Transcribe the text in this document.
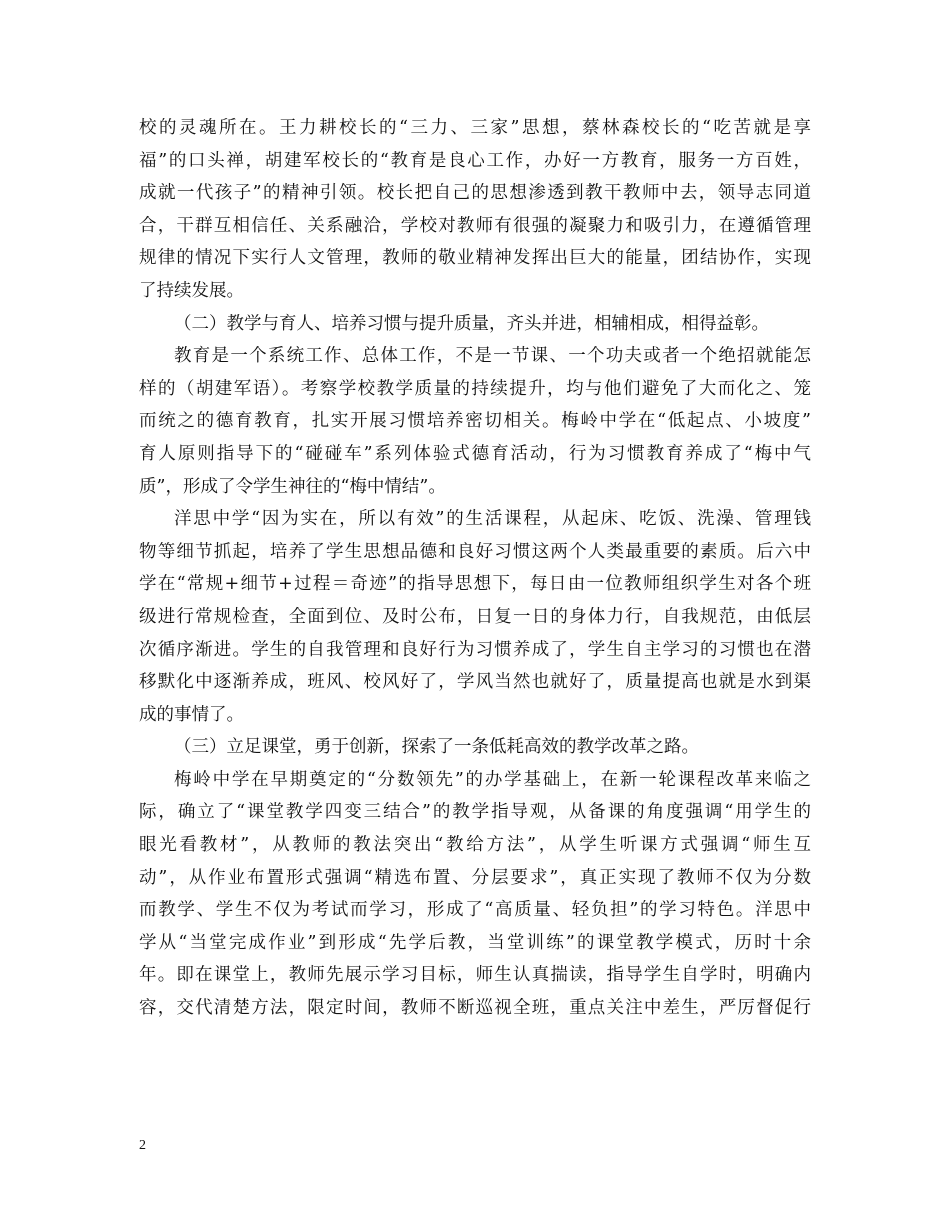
校的灵魂所在。王力耕校长的“三力、三家”思想，蔡林森校长的“吃苦就是享
福”的口头禅，胡建军校长的“教育是良心工作，办好一方教育，服务一方百姓，
成就一代孩子”的精神引领。校长把自己的思想渗透到教干教师中去，领导志同道
合，干群互相信任、关系融洽，学校对教师有很强的凝聚力和吸引力，在遵循管理
规律的情况下实行人文管理，教师的敬业精神发挥出巨大的能量，团结协作，实现
了持续发展。
（二）教学与育人、培养习惯与提升质量，齐头并进，相辅相成，相得益彰。
教育是一个系统工作、总体工作，不是一节课、一个功夫或者一个绝招就能怎
样的（胡建军语）。考察学校教学质量的持续提升，均与他们避免了大而化之、笼
而统之的德育教育，扎实开展习惯培养密切相关。梅岭中学在“低起点、小坡度”
育人原则指导下的“碰碰车”系列体验式德育活动，行为习惯教育养成了“梅中气
质”，形成了令学生神往的“梅中情结”。
洋思中学“因为实在，所以有效”的生活课程，从起床、吃饭、洗澡、管理钱
物等细节抓起，培养了学生思想品德和良好习惯这两个人类最重要的素质。后六中
学在“常规+细节+过程＝奇迹”的指导思想下，每日由一位教师组织学生对各个班
级进行常规检查，全面到位、及时公布，日复一日的身体力行，自我规范，由低层
次循序渐进。学生的自我管理和良好行为习惯养成了，学生自主学习的习惯也在潜
移默化中逐渐养成，班风、校风好了，学风当然也就好了，质量提高也就是水到渠
成的事情了。
（三）立足课堂，勇于创新，探索了一条低耗高效的教学改革之路。
梅岭中学在早期奠定的“分数领先”的办学基础上，在新一轮课程改革来临之
际，确立了“课堂教学四变三结合”的教学指导观，从备课的角度强调“用学生的
眼光看教材”，从教师的教法突出“教给方法”，从学生听课方式强调“师生互
动”，从作业布置形式强调“精选布置、分层要求”，真正实现了教师不仅为分数
而教学、学生不仅为考试而学习，形成了“高质量、轻负担”的学习特色。洋思中
学从“当堂完成作业”到形成“先学后教，当堂训练”的课堂教学模式，历时十余
年。即在课堂上，教师先展示学习目标，师生认真揣读，指导学生自学时，明确内
容，交代清楚方法，限定时间，教师不断巡视全班，重点关注中差生，严厉督促行
2
